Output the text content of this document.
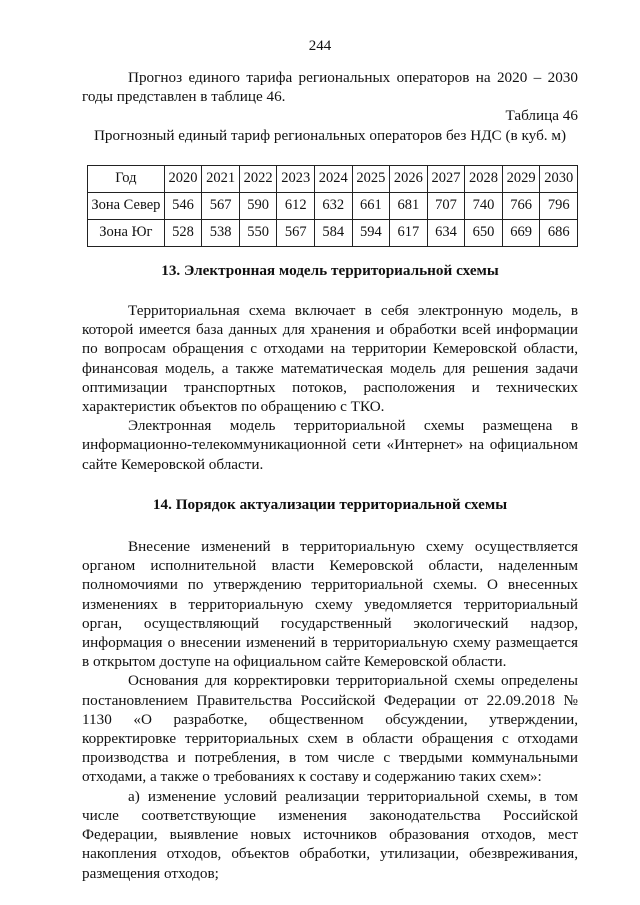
244

Прогноз единого тарифа региональных операторов на 2020 – 2030 годы представлен в таблице 46.

Таблица 46

Прогнозный единый тариф региональных операторов без НДС (в куб. м)

Год	2020	2021	2022	2023	2024	2025	2026	2027	2028	2029	2030
Зона Север	546	567	590	612	632	661	681	707	740	766	796
Зона Юг	528	538	550	567	584	594	617	634	650	669	686
13. Электронная модель территориальной схемы

Территориальная схема включает в себя электронную модель, в которой имеется база данных для хранения и обработки всей информации по вопросам обращения с отходами на территории Кемеровской области, финансовая модель, а также математическая модель для решения задачи оптимизации транспортных потоков, расположения и технических характеристик объектов по обращению с ТКО.

Электронная модель территориальной схемы размещена в информационно-телекоммуникационной сети «Интернет» на официальном сайте Кемеровской области.

14. Порядок актуализации территориальной схемы

Внесение изменений в территориальную схему осуществляется органом исполнительной власти Кемеровской области, наделенным полномочиями по утверждению территориальной схемы. О внесенных изменениях в территориальную схему уведомляется территориальный орган, осуществляющий государственный экологический надзор, информация о внесении изменений в территориальную схему размещается в открытом доступе на официальном сайте Кемеровской области.

Основания для корректировки территориальной схемы определены постановлением Правительства Российской Федерации от 22.09.2018 № 1130 «О разработке, общественном обсуждении, утверждении, корректировке территориальных схем в области обращения с отходами производства и потребления, в том числе с твердыми коммунальными отходами, а также о требованиях к составу и содержанию таких схем»:

а) изменение условий реализации территориальной схемы, в том числе соответствующие изменения законодательства Российской Федерации, выявление новых источников образования отходов, мест накопления отходов, объектов обработки, утилизации, обезвреживания, размещения отходов;
